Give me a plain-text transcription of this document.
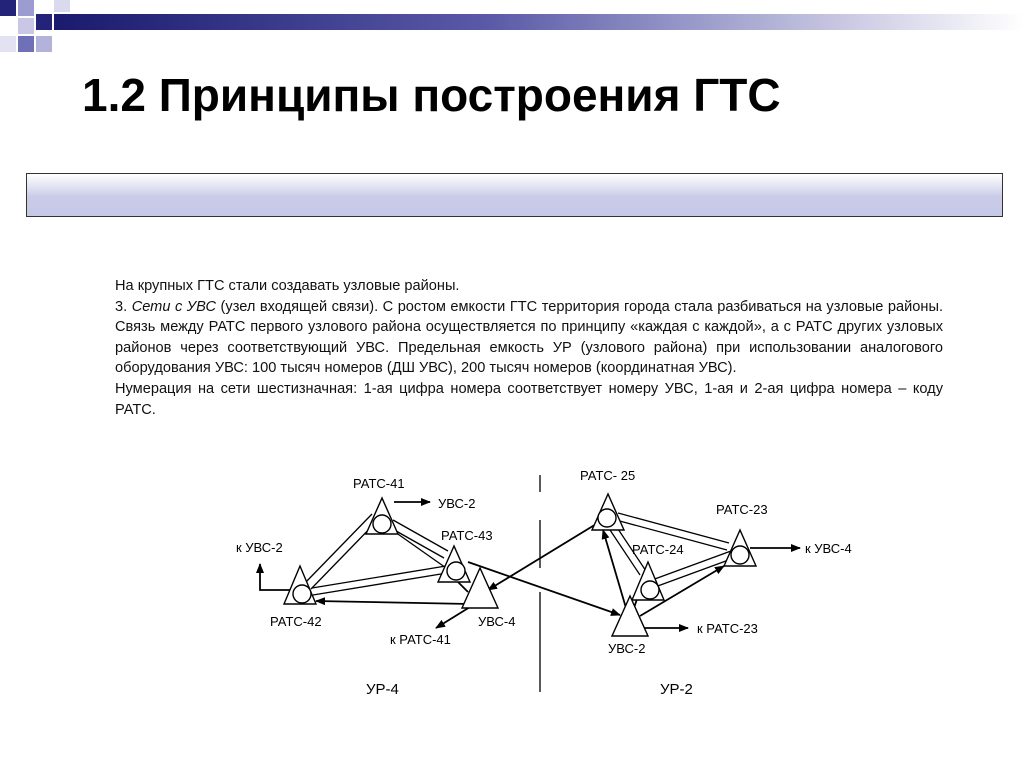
1.2 Принципы построения ГТС

На крупных ГТС стали создавать узловые районы.

3. Сети с УВС (узел входящей связи). С ростом емкости ГТС территория города стала разбиваться на узловые районы. Связь между РАТС первого узлового района осуществляется по принципу «каждая с каждой», а с РАТС других узловых районов через соответствующий УВС. Предельная емкость УР (узлового района) при использовании аналогового оборудования УВС: 100 тысяч номеров (ДШ УВС), 200 тысяч номеров (координатная УВС).

Нумерация на сети шестизначная: 1-ая цифра номера соответствует номеру УВС, 1-ая и 2-ая цифра номера – коду РАТС.

РАТС-41
УВС-2
РАТС-43
к УВС-2
РАТС-42	УВС-4
к РАТС-41
УР-4
РАТС- 25
РАТС-23
РАТС-24	к УВС-4
к РАТС-23
УВС-2
УР-2
